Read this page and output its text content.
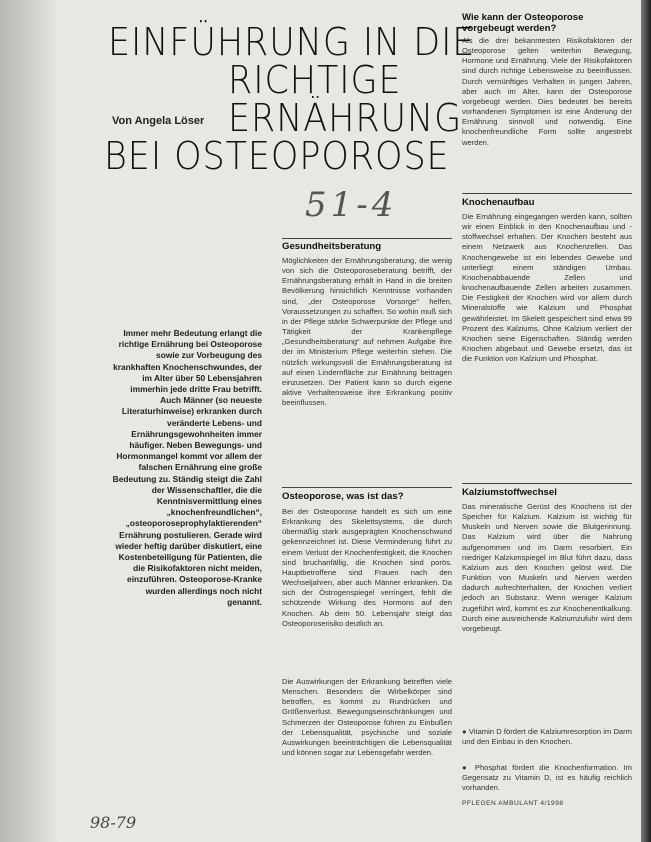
EINFÜHRUNG IN DIE
RICHTIGE
ERNÄHRUNG
BEI OSTEOPOROSE
Von Angela Löser
51-4
Immer mehr Bedeutung erlangt die richtige Ernährung bei Osteoporose sowie zur Vorbeugung des krankhaften Knochenschwundes, der im Alter über 50 Lebensjahren immerhin jede dritte Frau betrifft. Auch Männer (so neueste Literaturhinweise) erkranken durch veränderte Lebens- und Ernährungsgewohnheiten immer häufiger. Neben Bewegungs- und Hormonmangel kommt vor allem der falschen Ernährung eine große Bedeutung zu. Ständig steigt die Zahl der Wissenschaftler, die die Kenntnisvermittlung eines „knochenfreundlichen“, „osteoporoseprophylaktierenden“ Ernährung postulieren. Gerade wird wieder heftig darüber diskutiert, eine Kostenbeteiligung für Patienten, die die Risikofaktoren nicht meiden, einzuführen. Osteoporose-Kranke wurden allerdings noch nicht genannt.
Gesundheitsberatung

Möglichkeiten der Ernährungsberatung, die wenig von sich die Osteoporoseberatung betrifft, der Ernährungsberatung erhält in Hand in die breiten Bevölkerung hinsichtlich Kenntnisse vorhanden sind, „der Osteoporose Vorsorge“ helfen, Voraussetzungen zu schaffen. So wohin muß sich in der Pflege stärke Schwerpunkte der Pflege und Tätigkeit der Krankenpflege „Gesundheitsberatung“ auf nehmen Aufgabe ihre der im Ministerium Pflege weiterhin stehen. Die nützlich wirkungsvoll die Ernährungsberatung ist auf einen Lindernfläche zur Ernährung beitragen einzusetzen. Der Patient kann so durch eigene aktive Verhaltensweise ihre Erkrankung positiv beeinflussen.

Osteoporose, was ist das?

Bei der Osteoporose handelt es sich um eine Erkrankung des Skelettsystems, die durch übermäßig stark ausgeprägten Knochenschwund gekennzeichnet ist. Diese Verminderung führt zu einem Verlust der Knochenfestigkeit, die Knochen sind bruchanfällig, die Knochen sind porös. Hauptbetroffene sind Frauen nach den Wechseljahren, aber auch Männer erkranken. Da sich der Östrogenspiegel verringert, fehlt die schützende Wirkung des Hormons auf den Knochen. Ab dem 50. Lebensjahr steigt das Osteoporoserisiko deutlich an.

Die Auswirkungen der Erkrankung betreffen viele Menschen. Besonders die Wirbelkörper sind betroffen, es kommt zu Rundrücken und Größenverlust. Bewegungseinschränkungen und Schmerzen der Osteoporose führen zu Einbußen der Lebensqualität, psychische und soziale Auswirkungen beeinträchtigen die Lebensqualität und können sogar zur Lebensgefahr werden.

Wie kann der Osteoporose vorgebeugt werden?

Als die drei bekanntesten Risikofaktoren der Osteoporose gelten weiterhin Bewegung, Hormone und Ernährung. Viele der Risikofaktoren sind durch richtige Lebensweise zu beeinflussen. Durch vernünftiges Verhalten in jungen Jahren, aber auch im Alter, kann der Osteoporose vorgebeugt werden. Dies bedeutet bei bereits vorhandenen Symptomen ist eine Änderung der Ernährung sinnvoll und notwendig. Eine knochenfreundliche Form sollte angestrebt werden.

Knochenaufbau

Die Ernährung eingegangen werden kann, sollten wir einen Einblick in den Knochenaufbau und -stoffwechsel erhalten. Der Knochen besteht aus einem Netzwerk aus Knochenzellen. Das Knochengewebe ist ein lebendes Gewebe und unterliegt einem ständigen Umbau. Knochenabbauende Zellen und knochenaufbauende Zellen arbeiten zusammen. Die Festigkeit der Knochen wird vor allem durch Mineralstoffe wie Kalzium und Phosphat gewährleistet. Im Skelett gespeichert sind etwa 99 Prozent des Kalziums. Ohne Kalzium verliert der Knochen seine Eigenschaften. Ständig werden Knochen abgebaut und Gewebe ersetzt, das ist die Funktion von Kalzium und Phosphat.

Kalziumstoffwechsel

Das mineralische Gerüst des Knochens ist der Speicher für Kalzium. Kalzium ist wichtig für Muskeln und Nerven sowie die Blutgerinnung. Das Kalzium wird über die Nahrung aufgenommen und im Darm resorbiert. Ein niedriger Kalziumspiegel im Blut führt dazu, dass Kalzium aus den Knochen gelöst wird. Die Funktion von Muskeln und Nerven werden dadurch aufrechterhalten, der Knochen verliert jedoch an Substanz. Wenn weniger Kalzium zugeführt wird, kommt es zur Knochenentkalkung. Durch eine ausreichende Kalziumzufuhr wird dem vorgebeugt.

● Vitamin D fördert die Kalziumresorption im Darm und den Einbau in den Knochen.

● Phosphat fördert die Knochenformation. Im Gegensatz zu Vitamin D, ist es häufig reichlich vorhanden.

PFLEGEN AMBULANT 4/1998
98-79
